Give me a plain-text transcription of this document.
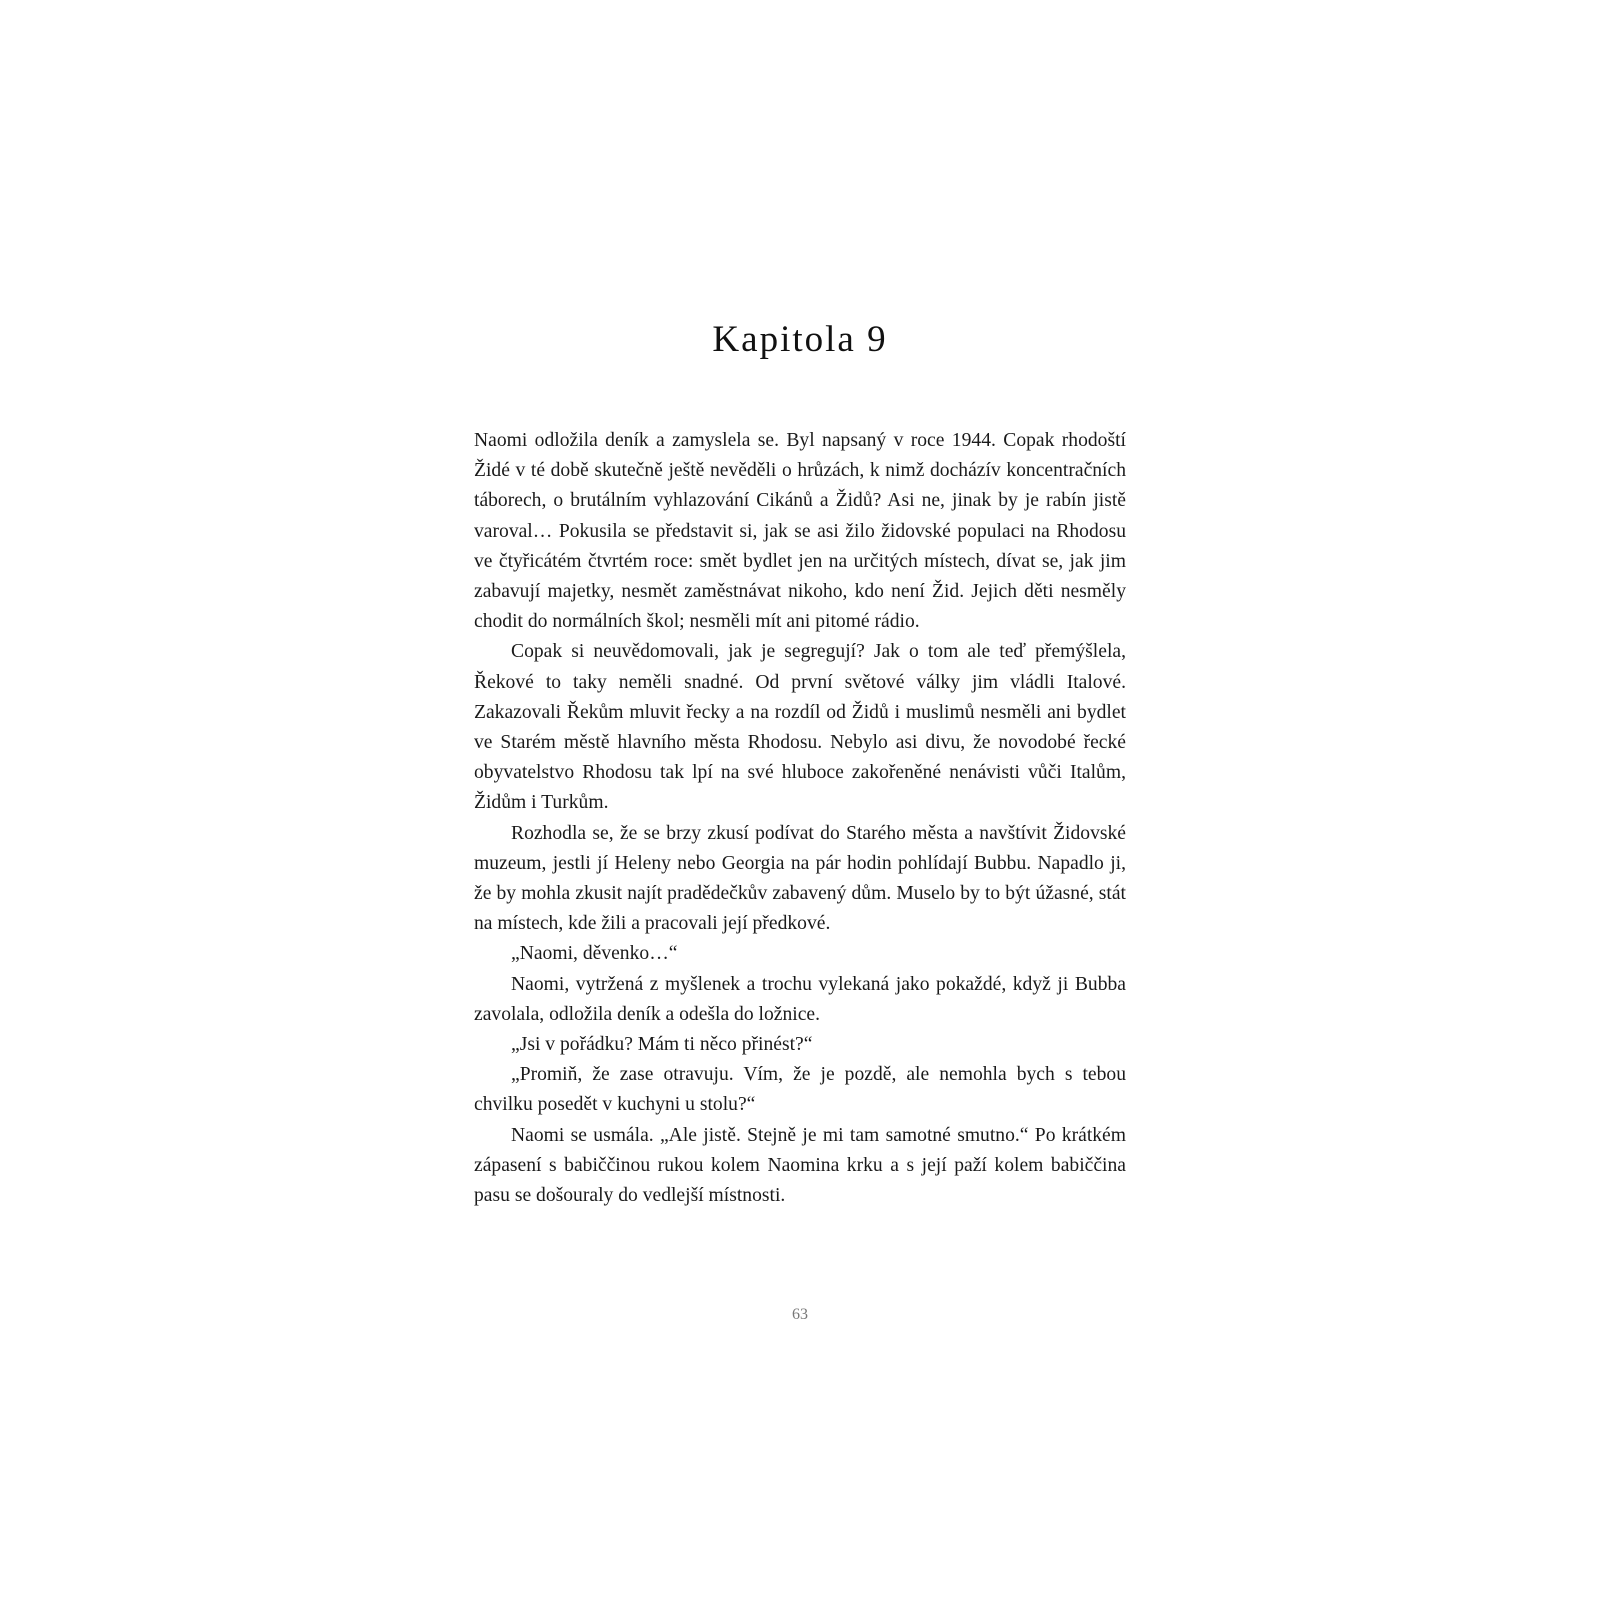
Kapitola 9

Naomi odložila deník a zamyslela se. Byl napsaný v roce 1944. Copak rhodoští Židé v té době skutečně ještě nevěděli o hrůzách, k nimž docházív koncentračních táborech, o brutálním vyhlazování Cikánů a Židů? Asi ne, jinak by je rabín jistě varoval… Pokusila se představit si, jak se asi žilo židovské populaci na Rhodosu ve čtyřicátém čtvrtém roce: smět bydlet jen na určitých místech, dívat se, jak jim zabavují majetky, nesmět zaměstnávat nikoho, kdo není Žid. Jejich děti nesměly chodit do normálních škol; nesměli mít ani pitomé rádio.

Copak si neuvědomovali, jak je segregují? Jak o tom ale teď přemýšlela, Řekové to taky neměli snadné. Od první světové války jim vládli Italové. Zakazovali Řekům mluvit řecky a na rozdíl od Židů i muslimů nesměli ani bydlet ve Starém městě hlavního města Rhodosu. Nebylo asi divu, že novodobé řecké obyvatelstvo Rhodosu tak lpí na své hluboce zakořeněné nenávisti vůči Italům, Židům i Turkům.

Rozhodla se, že se brzy zkusí podívat do Starého města a navštívit Židovské muzeum, jestli jí Heleny nebo Georgia na pár hodin pohlídají Bubbu. Napadlo ji, že by mohla zkusit najít pradědečkův zabavený dům. Muselo by to být úžasné, stát na místech, kde žili a pracovali její předkové.

„Naomi, děvenko…“

Naomi, vytržená z myšlenek a trochu vylekaná jako pokaždé, když ji Bubba zavolala, odložila deník a odešla do ložnice.

„Jsi v pořádku? Mám ti něco přinést?“

„Promiň, že zase otravuju. Vím, že je pozdě, ale nemohla bych s tebou chvilku posedět v kuchyni u stolu?“

Naomi se usmála. „Ale jistě. Stejně je mi tam samotné smutno.“ Po krátkém zápasení s babiččinou rukou kolem Naomina krku a s její paží kolem babiččina pasu se došouraly do vedlejší místnosti.

63
